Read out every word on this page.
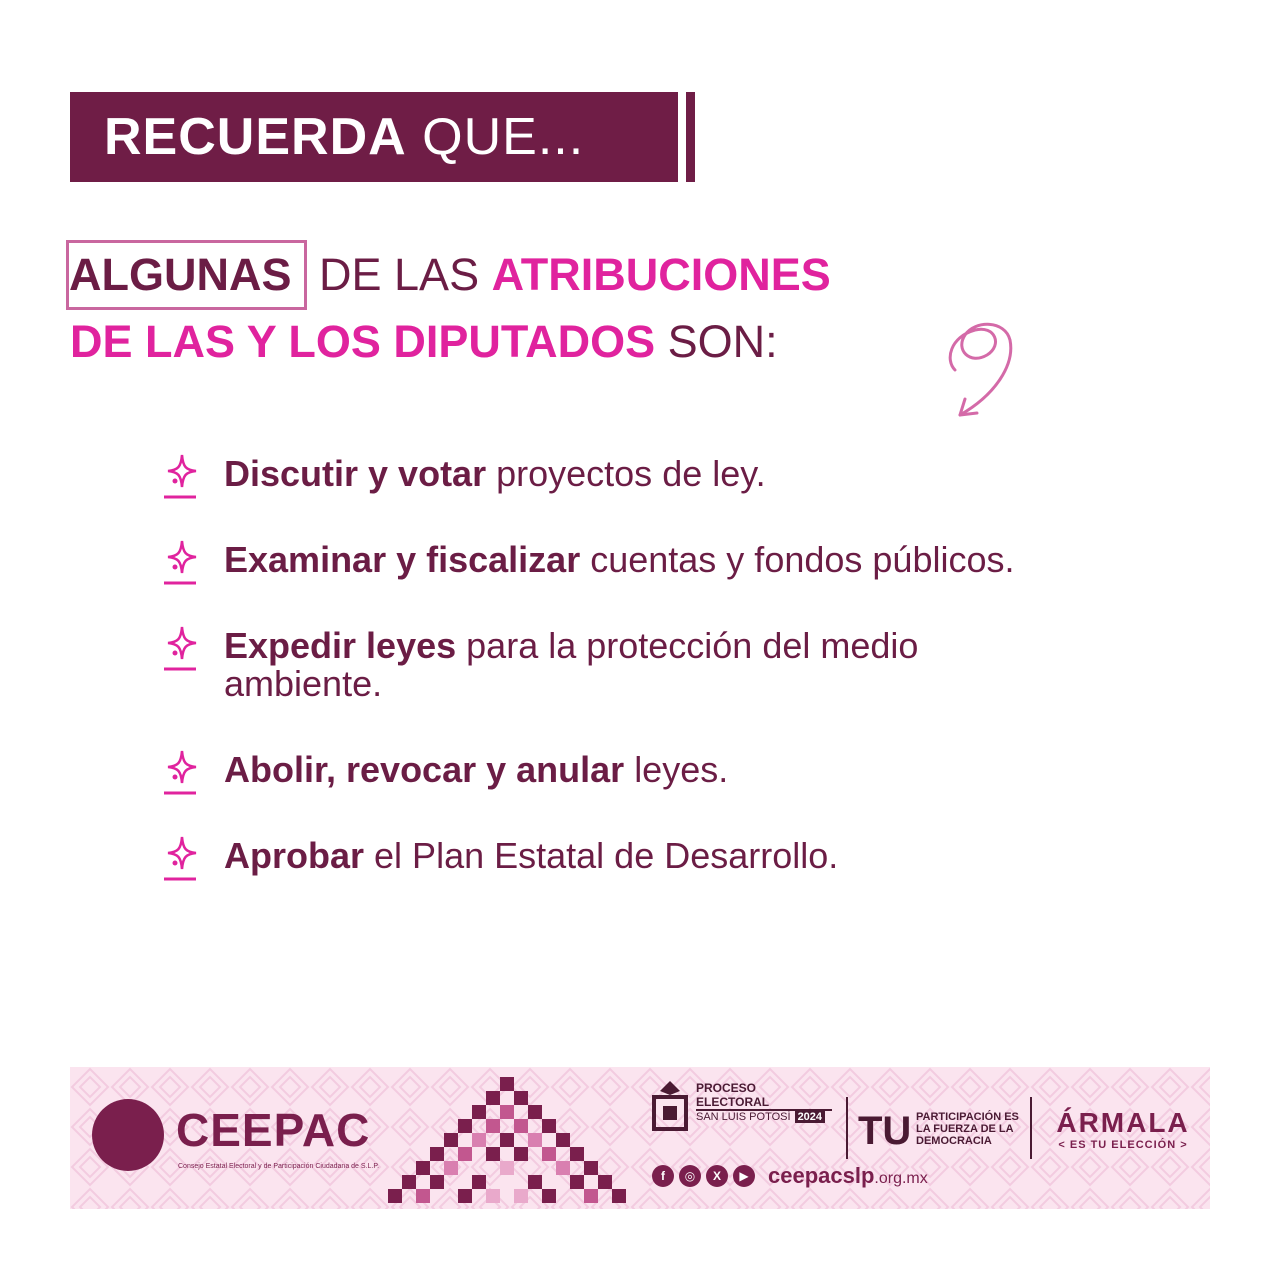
RECUERDA QUE...
ALGUNAS DE LAS ATRIBUCIONES
DE LAS Y LOS DIPUTADOS SON:
Discutir y votar proyectos de ley.
Examinar y fiscalizar cuentas y fondos públicos.
Expedir leyes para la protección del medio ambiente.
Abolir, revocar y anular leyes.
Aprobar el Plan Estatal de Desarrollo.
CEEPAC
Consejo Estatal Electoral y de Participación Ciudadana de S.L.P.
PROCESO ELECTORAL
SAN LUIS POTOSÍ 2024 TU PARTICIPACIÓN ES LA FUERZA DE LA DEMOCRACIA
ÁRMALA
< ES TU ELECCIÓN >
f	◎	X	▶ ceepacslp.org.mx
